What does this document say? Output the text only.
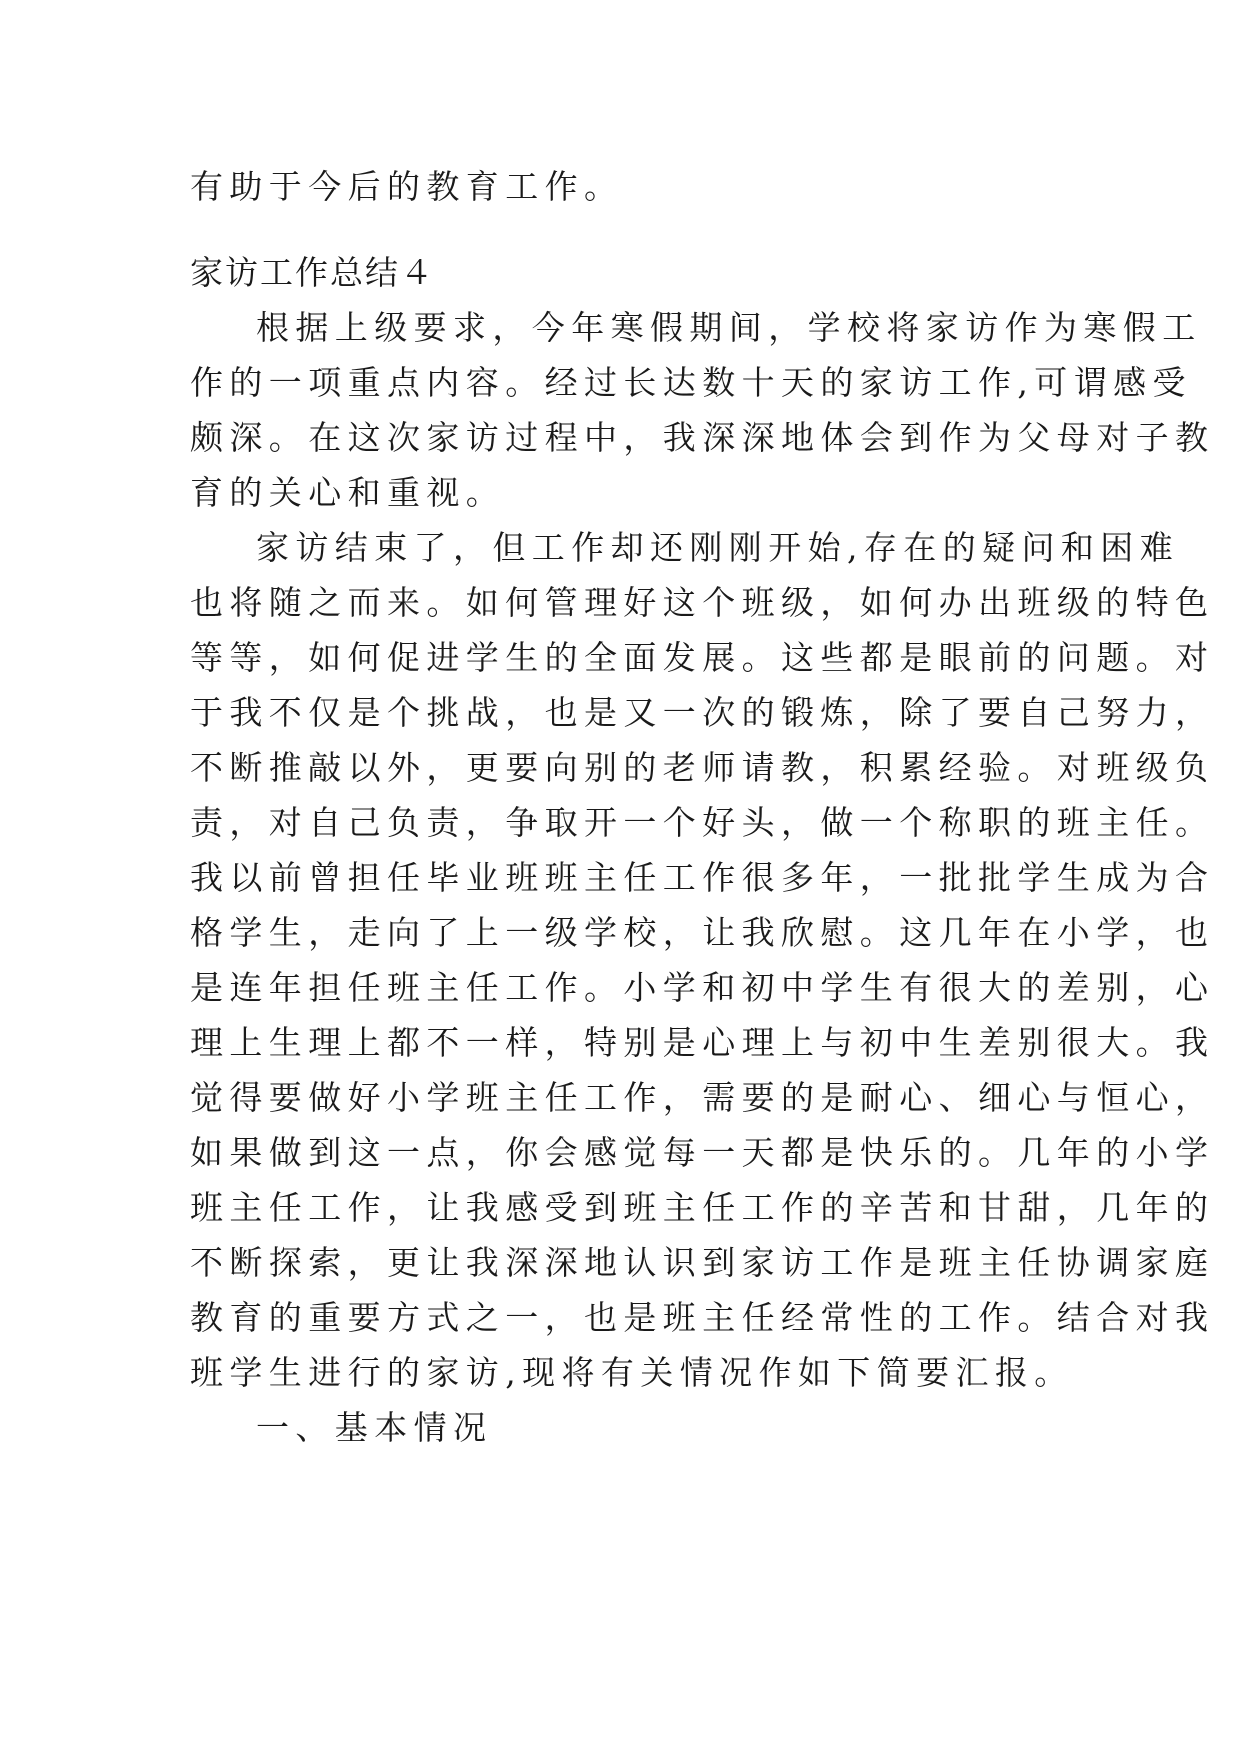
有助于今后的教育工作。
家访工作总结４
根据上级要求，今年寒假期间，学校将家访作为寒假工
作的一项重点内容。经过长达数十天的家访工作,可谓感受
颇深。在这次家访过程中，我深深地体会到作为父母对子教
育的关心和重视。
家访结束了，但工作却还刚刚开始,存在的疑问和困难
也将随之而来。如何管理好这个班级，如何办出班级的特色
等等，如何促进学生的全面发展。这些都是眼前的问题。对
于我不仅是个挑战，也是又一次的锻炼，除了要自己努力，
不断推敲以外，更要向别的老师请教，积累经验。对班级负
责，对自己负责，争取开一个好头，做一个称职的班主任。
我以前曾担任毕业班班主任工作很多年，一批批学生成为合
格学生，走向了上一级学校，让我欣慰。这几年在小学，也
是连年担任班主任工作。小学和初中学生有很大的差别，心
理上生理上都不一样，特别是心理上与初中生差别很大。我
觉得要做好小学班主任工作，需要的是耐心、细心与恒心，
如果做到这一点，你会感觉每一天都是快乐的。几年的小学
班主任工作，让我感受到班主任工作的辛苦和甘甜，几年的
不断探索，更让我深深地认识到家访工作是班主任协调家庭
教育的重要方式之一，也是班主任经常性的工作。结合对我
班学生进行的家访,现将有关情况作如下简要汇报。
一、基本情况
